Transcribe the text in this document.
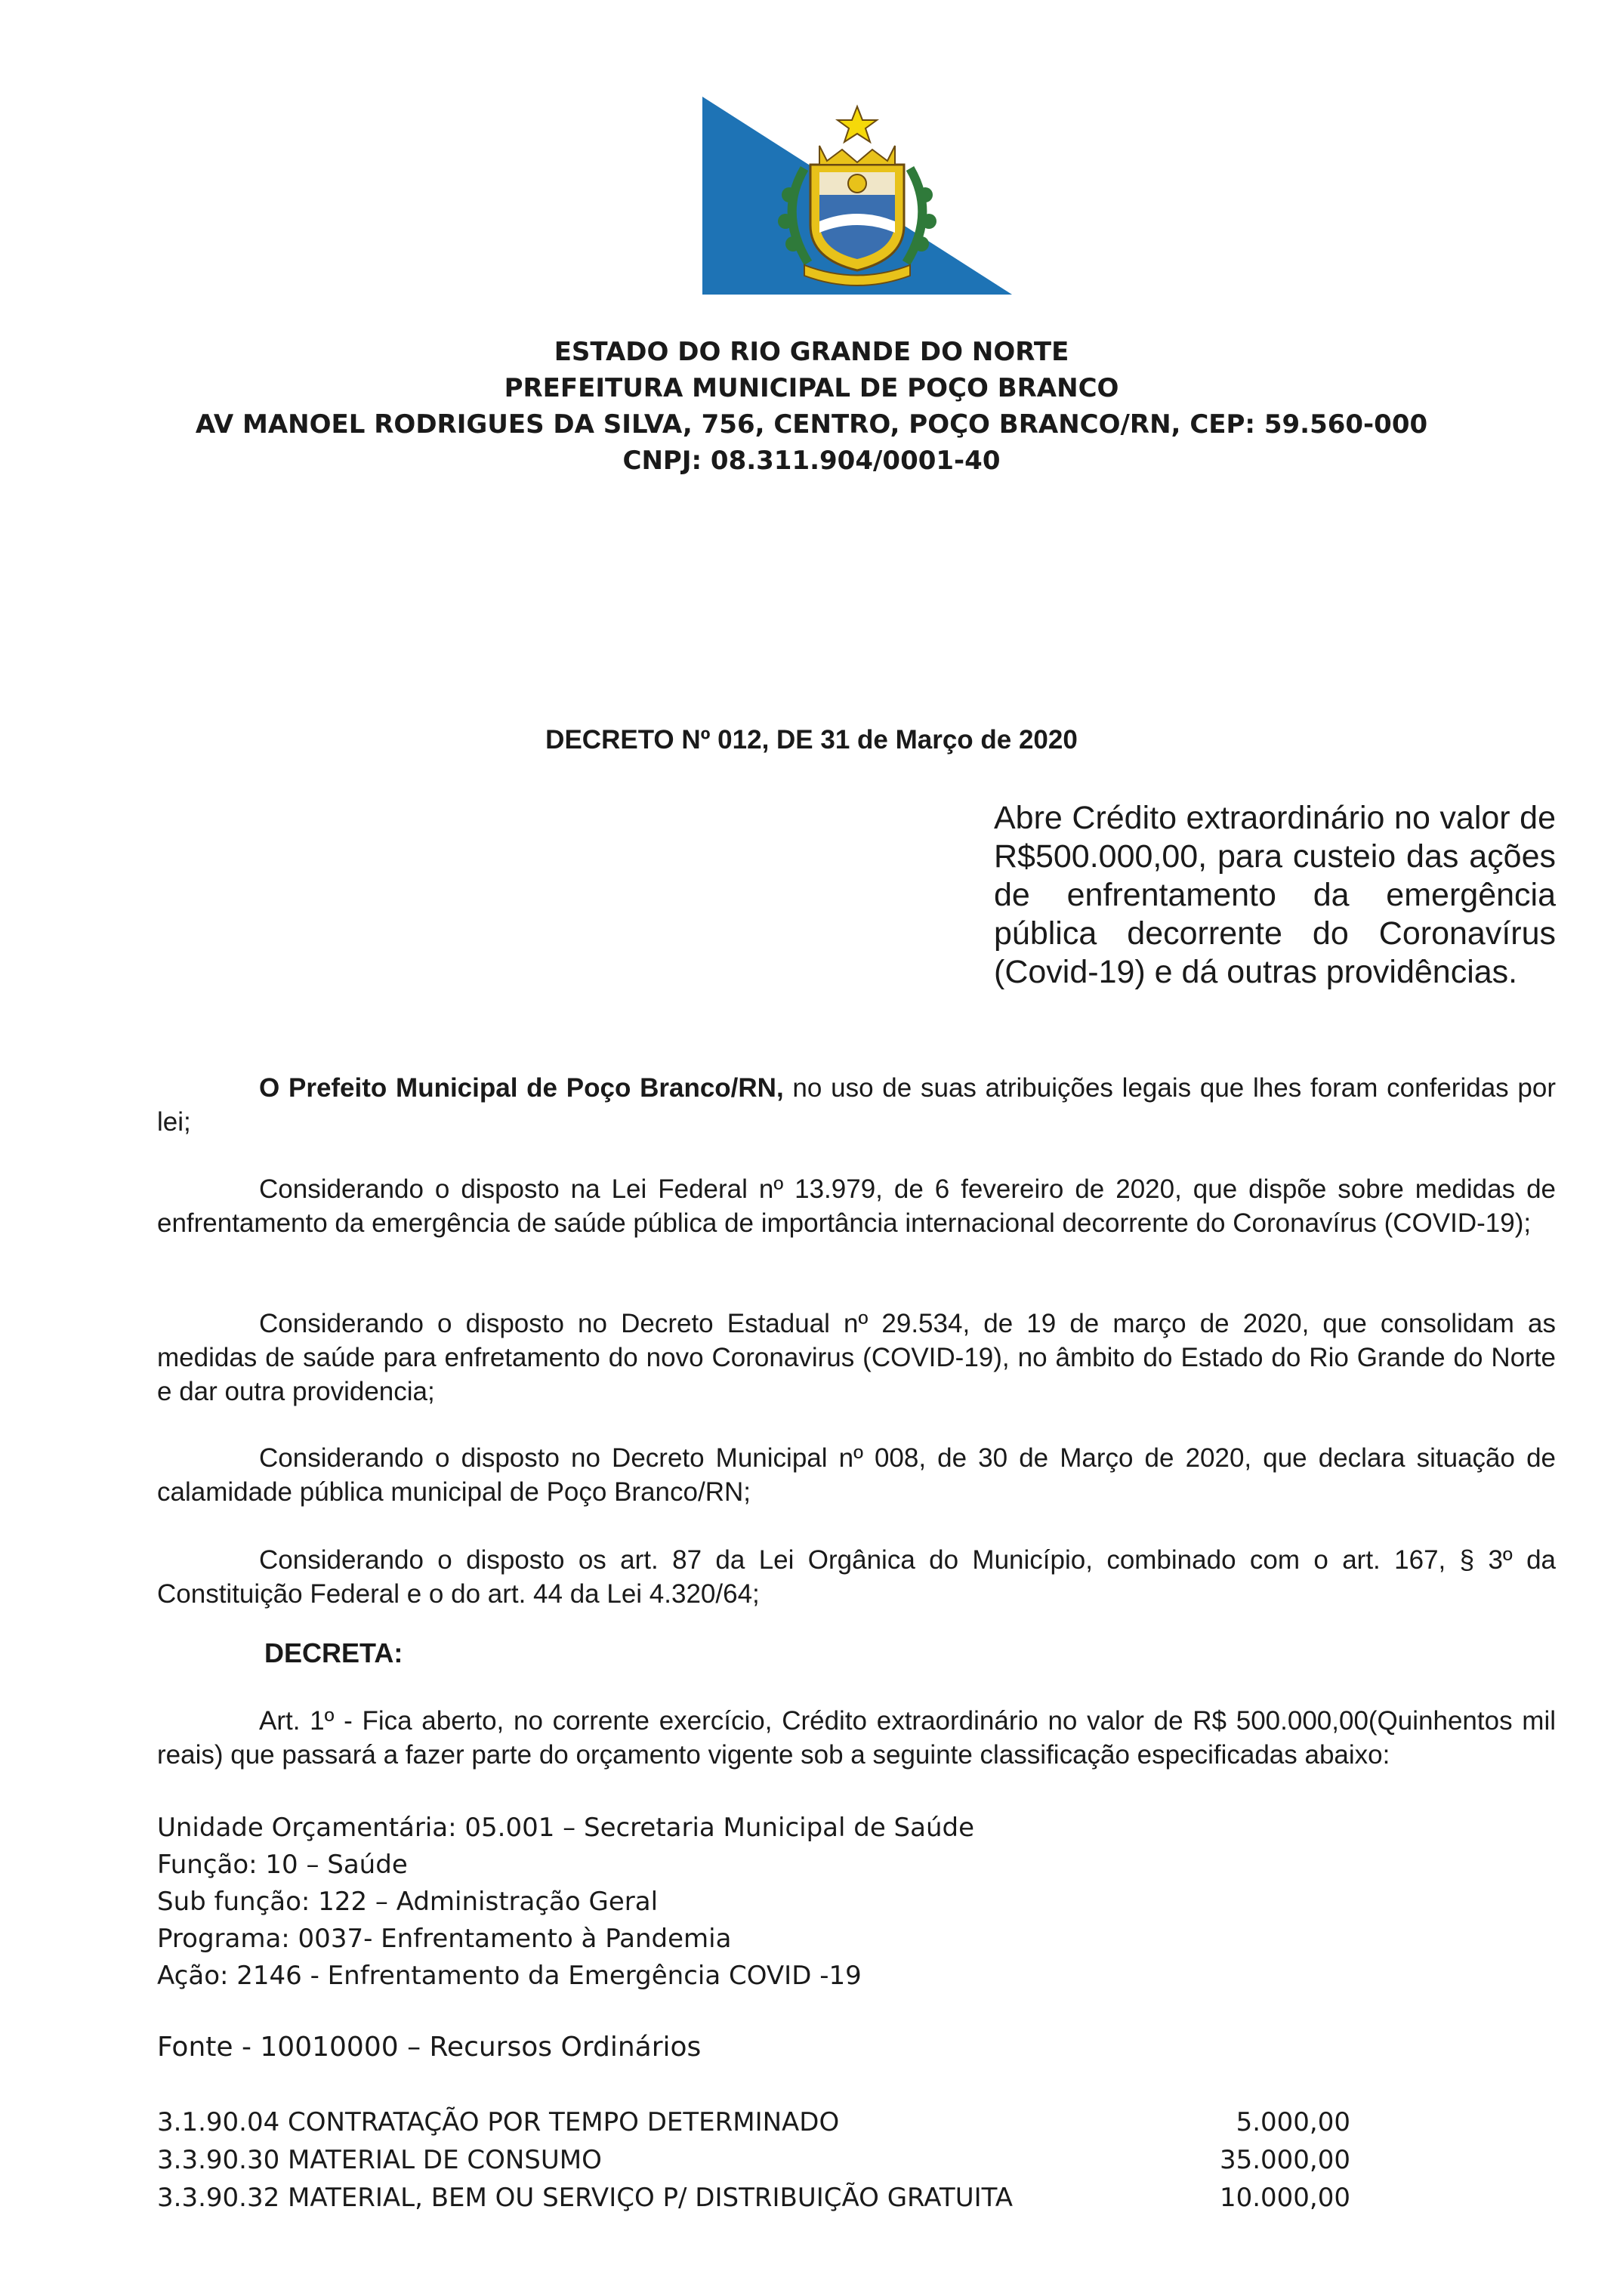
ESTADO DO RIO GRANDE DO NORTE
PREFEITURA MUNICIPAL DE POÇO BRANCO
AV MANOEL RODRIGUES DA SILVA, 756, CENTRO, POÇO BRANCO/RN, CEP: 59.560-000
CNPJ: 08.311.904/0001-40
DECRETO Nº 012, DE 31 de Março de 2020
Abre Crédito extraordinário no valor de R$500.000,00, para custeio das ações de enfrentamento da emergência pública decorrente do Coronavírus (Covid-19) e dá outras providências.
O Prefeito Municipal de Poço Branco/RN, no uso de suas atribuições legais que lhes foram conferidas por lei;
Considerando o disposto na Lei Federal nº 13.979, de 6 fevereiro de 2020, que dispõe sobre medidas de enfrentamento da emergência de saúde pública de importância internacional decorrente do Coronavírus (COVID-19);
Considerando o disposto no Decreto Estadual nº 29.534, de 19 de março de 2020, que consolidam as medidas de saúde para enfretamento do novo Coronavirus (COVID-19), no âmbito do Estado do Rio Grande do Norte e dar outra providencia;
Considerando o disposto no Decreto Municipal nº 008, de 30 de Março de 2020, que declara situação de calamidade pública municipal de Poço Branco/RN;
Considerando o disposto os art. 87 da Lei Orgânica do Município, combinado com o art. 167, § 3º da Constituição Federal e o do art. 44 da Lei 4.320/64;
DECRETA:
Art. 1º - Fica aberto, no corrente exercício, Crédito extraordinário no valor de R$ 500.000,00(Quinhentos mil reais) que passará a fazer parte do orçamento vigente sob a seguinte classificação especificadas abaixo:
Unidade Orçamentária: 05.001 – Secretaria Municipal de Saúde
Função: 10 – Saúde
Sub função: 122 – Administração Geral
Programa: 0037- Enfrentamento à Pandemia
Ação: 2146 - Enfrentamento da Emergência COVID -19
Fonte - 10010000 – Recursos Ordinários
3.1.90.04 CONTRATAÇÃO POR TEMPO DETERMINADO	5.000,00
3.3.90.30 MATERIAL DE CONSUMO	35.000,00
3.3.90.32 MATERIAL, BEM OU SERVIÇO P/ DISTRIBUIÇÃO GRATUITA	10.000,00
